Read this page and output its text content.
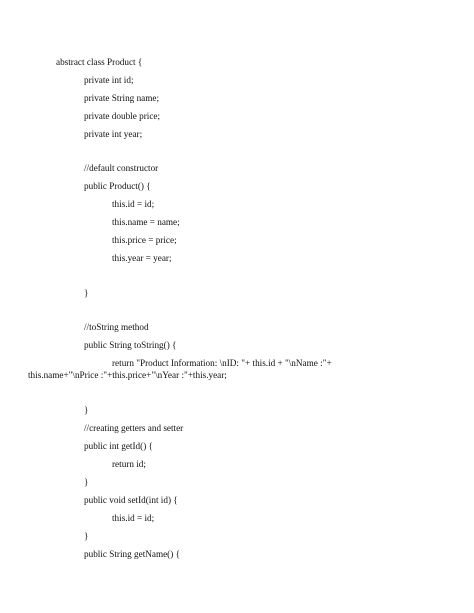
abstract class Product {

private int id;

private String name;

private double price;

private int year;

//default constructor

public Product() {

this.id = id;

this.name = name;

this.price = price;

this.year = year;

}

//toString method

public String toString() {

return "Product Information: \nID: "+ this.id + "\nName :"+

this.name+"\nPrice :"+this.price+"\nYear :"+this.year;

}

//creating getters and setter

public int getId() {

return id;

}

public void setId(int id) {

this.id = id;

}

public String getName() {
